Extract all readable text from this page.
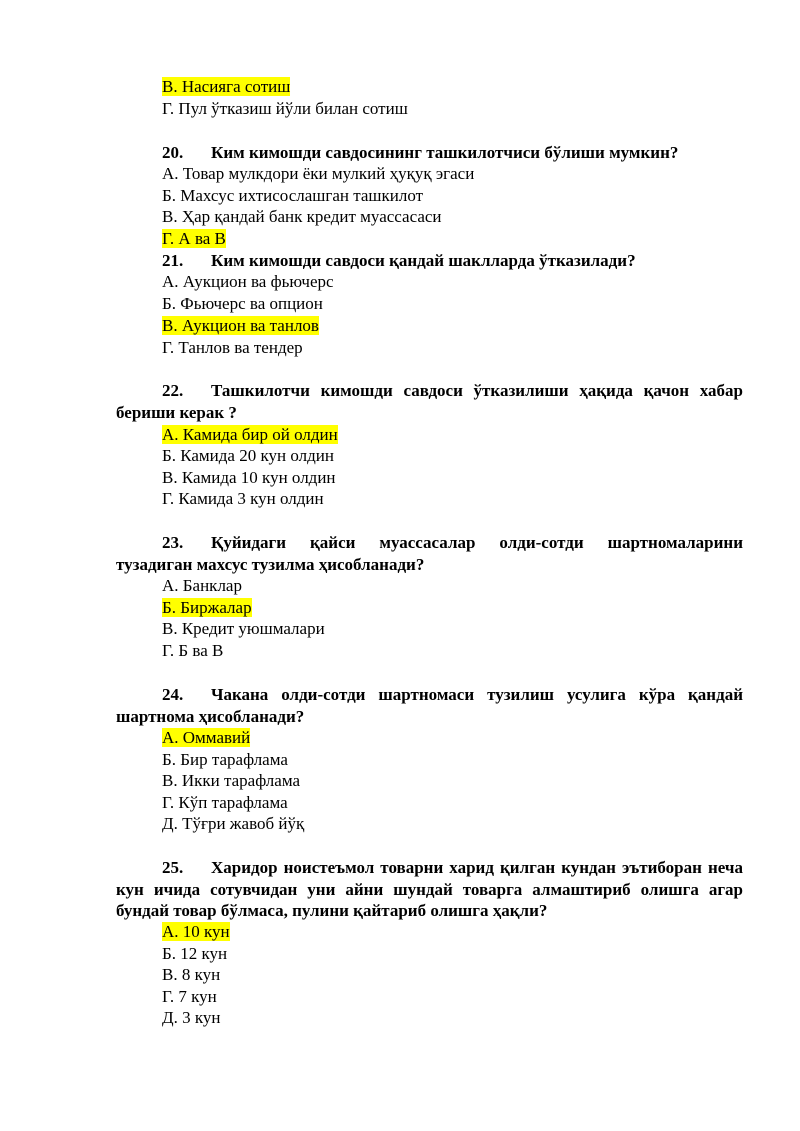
В. Насияга сотиш
Г. Пул ўтказиш йўли билан сотиш
20. Ким кимошди савдосининг ташкилотчиси бўлиши мумкин?
А. Товар мулкдори ёки мулкий ҳуқуқ эгаси
Б. Махсус ихтисослашган ташкилот
В. Ҳар қандай банк кредит муассасаси
Г. А ва В
21. Ким кимошди савдоси қандай шаклларда ўтказилади?
А. Аукцион ва фьючерс
Б. Фьючерс ва опцион
В. Аукцион ва танлов
Г. Танлов ва тендер
22. Ташкилотчи кимошди савдоси ўтказилиши ҳақида қачон хабар бериши керак ?
А. Камида бир ой олдин
Б. Камида 20 кун олдин
В. Камида 10 кун олдин
Г. Камида 3 кун олдин
23. Қуйидаги қайси муассасалар олди-сотди шартномаларини тузадиган махсус тузилма ҳисобланади?
А. Банклар
Б. Биржалар
В. Кредит уюшмалари
Г. Б ва В
24. Чакана олди-сотди шартномаси тузилиш усулига кўра қандай шартнома ҳисобланади?
А. Оммавий
Б. Бир тарафлама
В. Икки тарафлама
Г. Кўп тарафлама
Д. Тўғри жавоб йўқ
25. Харидор ноистеъмол товарни харид қилган кундан эътиборан неча кун ичида сотувчидан уни айни шундай товарга алмаштириб олишга агар бундай товар бўлмаса, пулини қайтариб олишга ҳақли?
А. 10 кун
Б. 12 кун
В. 8 кун
Г. 7 кун
Д. 3 кун
